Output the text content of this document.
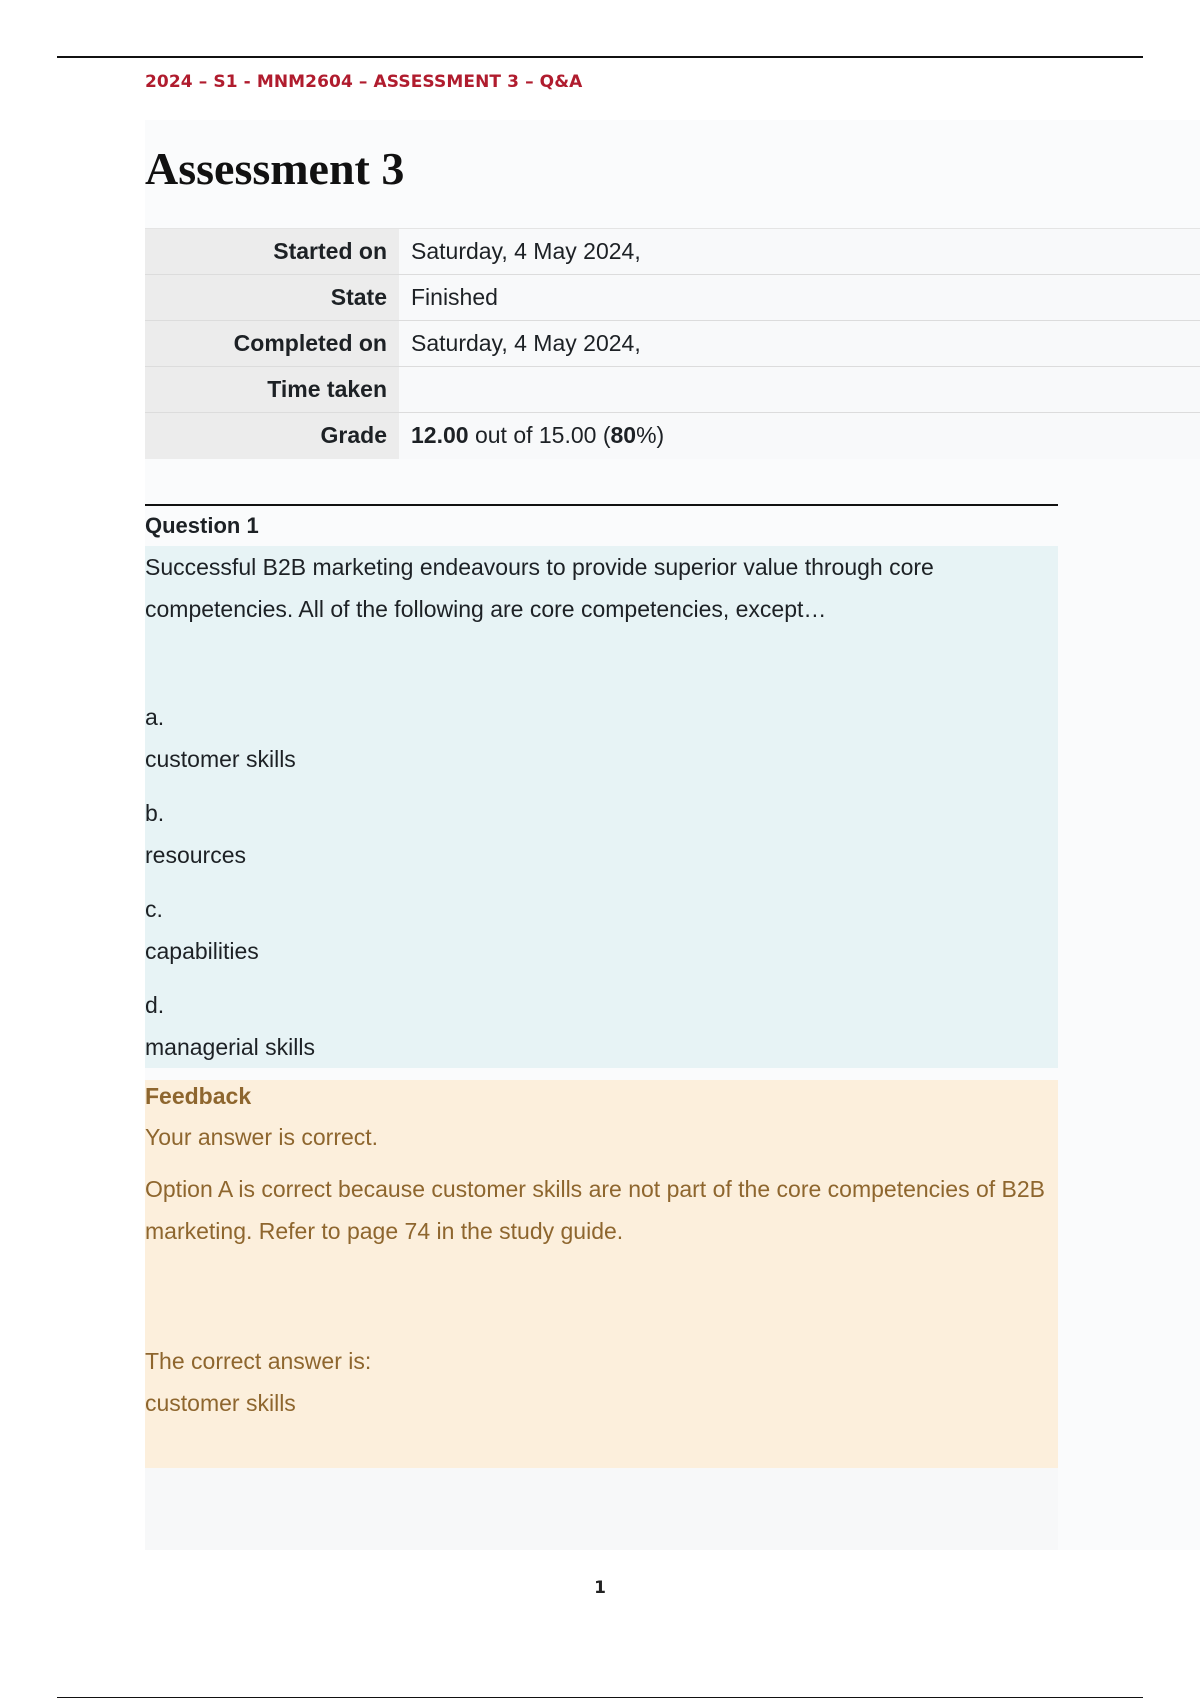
2024 – S1 - MNM2604 – ASSESSMENT 3 – Q&A
Assessment 3
Started on	Saturday, 4 May 2024,
State	Finished
Completed on	Saturday, 4 May 2024,
Time taken	
Grade	12.00 out of 15.00 (80%)
Question 1
Successful B2B marketing endeavours to provide superior value through core competencies. All of the following are core competencies, except…
a.
customer skills
b.
resources
c.
capabilities
d.
managerial skills
Feedback
Your answer is correct.
Option A is correct because customer skills are not part of the core competencies of B2B marketing. Refer to page 74 in the study guide.
The correct answer is:
customer skills
1
